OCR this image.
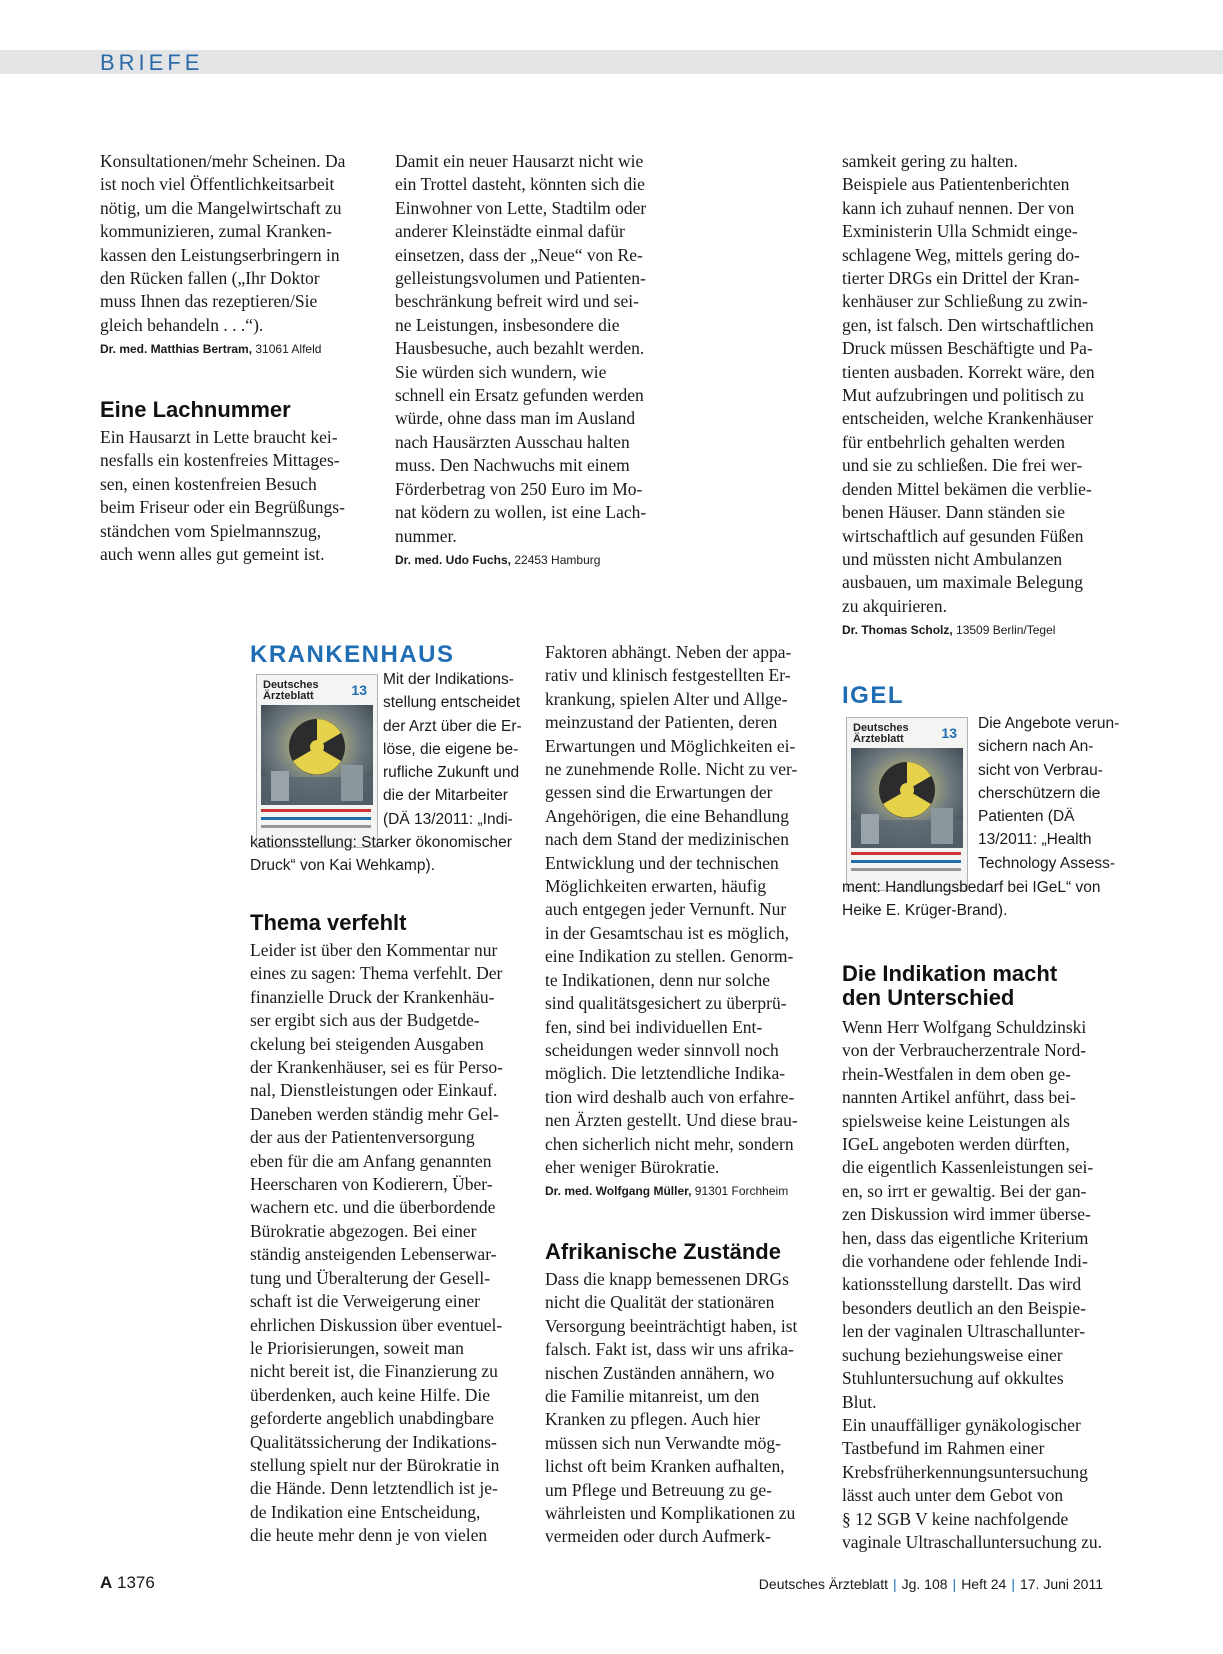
BRIEFE

Konsultationen/mehr Scheinen. Da
ist noch viel Öffentlichkeitsarbeit
nötig, um die Mangelwirtschaft zu
kommunizieren, zumal Kranken-
kassen den Leistungserbringern in
den Rücken fallen („Ihr Doktor
muss Ihnen das rezeptieren/Sie
gleich behandeln . . .“).

Dr. med. Matthias Bertram, 31061 Alfeld

Eine Lachnummer

Ein Hausarzt in Lette braucht kei-
nesfalls ein kostenfreies Mittages-
sen, einen kostenfreien Besuch
beim Friseur oder ein Begrüßungs-
ständchen vom Spielmannszug,
auch wenn alles gut gemeint ist.

Damit ein neuer Hausarzt nicht wie
ein Trottel dasteht, könnten sich die
Einwohner von Lette, Stadtilm oder
anderer Kleinstädte einmal dafür
einsetzen, dass der „Neue“ von Re-
gelleistungsvolumen und Patienten-
beschränkung befreit wird und sei-
ne Leistungen, insbesondere die
Hausbesuche, auch bezahlt werden.
Sie würden sich wundern, wie
schnell ein Ersatz gefunden werden
würde, ohne dass man im Ausland
nach Hausärzten Ausschau halten
muss. Den Nachwuchs mit einem
Förderbetrag von 250 Euro im Mo-
nat ködern zu wollen, ist eine Lach-
nummer.

Dr. med. Udo Fuchs, 22453 Hamburg

samkeit gering zu halten.
Beispiele aus Patientenberichten
kann ich zuhauf nennen. Der von
Exministerin Ulla Schmidt einge-
schlagene Weg, mittels gering do-
tierter DRGs ein Drittel der Kran-
kenhäuser zur Schließung zu zwin-
gen, ist falsch. Den wirtschaftlichen
Druck müssen Beschäftigte und Pa-
tienten ausbaden. Korrekt wäre, den
Mut aufzubringen und politisch zu
entscheiden, welche Krankenhäuser
für entbehrlich gehalten werden
und sie zu schließen. Die frei wer-
denden Mittel bekämen die verblie-
benen Häuser. Dann ständen sie
wirtschaftlich auf gesunden Füßen
und müssten nicht Ambulanzen
ausbauen, um maximale Belegung
zu akquirieren.

Dr. Thomas Scholz, 13509 Berlin/Tegel

KRANKENHAUS
Deutsches
Ärzteblatt	13

Mit der Indikations-
stellung entscheidet
der Arzt über die Er-
löse, die eigene be-
rufliche Zukunft und
die der Mitarbeiter
(DÄ 13/2011: „Indi-

kationsstellung: Starker ökonomischer
Druck“ von Kai Wehkamp).

Thema verfehlt

Leider ist über den Kommentar nur
eines zu sagen: Thema verfehlt. Der
finanzielle Druck der Krankenhäu-
ser ergibt sich aus der Budgetde-
ckelung bei steigenden Ausgaben
der Krankenhäuser, sei es für Perso-
nal, Dienstleistungen oder Einkauf.
Daneben werden ständig mehr Gel-
der aus der Patientenversorgung
eben für die am Anfang genannten
Heerscharen von Kodierern, Über-
wachern etc. und die überbordende
Bürokratie abgezogen. Bei einer
ständig ansteigenden Lebenserwar-
tung und Überalterung der Gesell-
schaft ist die Verweigerung einer
ehrlichen Diskussion über eventuel-
le Priorisierungen, soweit man
nicht bereit ist, die Finanzierung zu
überdenken, auch keine Hilfe. Die
geforderte angeblich unabdingbare
Qualitätssicherung der Indikations-
stellung spielt nur der Bürokratie in
die Hände. Denn letztendlich ist je-
de Indikation eine Entscheidung,
die heute mehr denn je von vielen

Faktoren abhängt. Neben der appa-
rativ und klinisch festgestellten Er-
krankung, spielen Alter und Allge-
meinzustand der Patienten, deren
Erwartungen und Möglichkeiten ei-
ne zunehmende Rolle. Nicht zu ver-
gessen sind die Erwartungen der
Angehörigen, die eine Behandlung
nach dem Stand der medizinischen
Entwicklung und der technischen
Möglichkeiten erwarten, häufig
auch entgegen jeder Vernunft. Nur
in der Gesamtschau ist es möglich,
eine Indikation zu stellen. Genorm-
te Indikationen, denn nur solche
sind qualitätsgesichert zu überprü-
fen, sind bei individuellen Ent-
scheidungen weder sinnvoll noch
möglich. Die letztendliche Indika-
tion wird deshalb auch von erfahre-
nen Ärzten gestellt. Und diese brau-
chen sicherlich nicht mehr, sondern
eher weniger Bürokratie.

Dr. med. Wolfgang Müller, 91301 Forchheim

Afrikanische Zustände

Dass die knapp bemessenen DRGs
nicht die Qualität der stationären
Versorgung beeinträchtigt haben, ist
falsch. Fakt ist, dass wir uns afrika-
nischen Zuständen annähern, wo
die Familie mitanreist, um den
Kranken zu pflegen. Auch hier
müssen sich nun Verwandte mög-
lichst oft beim Kranken aufhalten,
um Pflege und Betreuung zu ge-
währleisten und Komplikationen zu
vermeiden oder durch Aufmerk-

IGEL
Deutsches
Ärzteblatt	13

Die Angebote verun-
sichern nach An-
sicht von Verbrau-
cherschützern die
Patienten (DÄ
13/2011: „Health
Technology Assess-

ment: Handlungsbedarf bei IGeL“ von
Heike E. Krüger-Brand).

Die Indikation macht
den Unterschied

Wenn Herr Wolfgang Schuldzinski
von der Verbraucherzentrale Nord-
rhein-Westfalen in dem oben ge-
nannten Artikel anführt, dass bei-
spielsweise keine Leistungen als
IGeL angeboten werden dürften,
die eigentlich Kassenleistungen sei-
en, so irrt er gewaltig. Bei der gan-
zen Diskussion wird immer überse-
hen, dass das eigentliche Kriterium
die vorhandene oder fehlende Indi-
kationsstellung darstellt. Das wird
besonders deutlich an den Beispie-
len der vaginalen Ultraschallunter-
suchung beziehungsweise einer
Stuhluntersuchung auf okkultes
Blut.
Ein unauffälliger gynäkologischer
Tastbefund im Rahmen einer
Krebsfrüherkennungsuntersuchung
lässt auch unter dem Gebot von
§ 12 SGB V keine nachfolgende
vaginale Ultraschalluntersuchung zu.

A 1376	Deutsches Ärzteblatt | Jg. 108 | Heft 24 | 17. Juni 2011
